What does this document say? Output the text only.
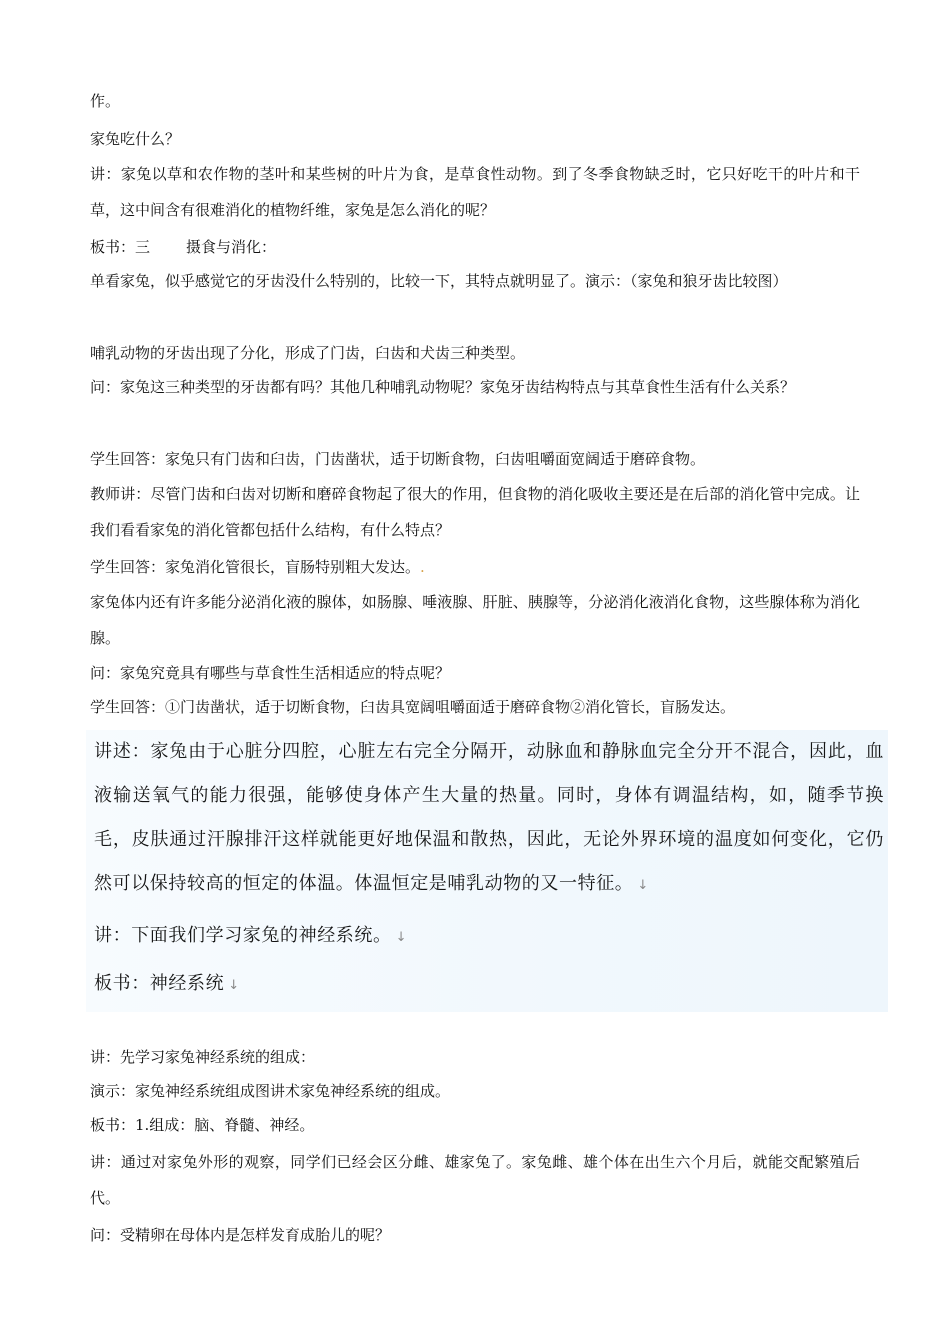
作。

家兔吃什么？

讲：家兔以草和农作物的茎叶和某些树的叶片为食，是草食性动物。到了冬季食物缺乏时，它只好吃干的叶片和干草，这中间含有很难消化的植物纤维，家兔是怎么消化的呢？

板书：三 摄食与消化：

单看家兔，似乎感觉它的牙齿没什么特别的，比较一下，其特点就明显了。演示：（家兔和狼牙齿比较图）

哺乳动物的牙齿出现了分化，形成了门齿，臼齿和犬齿三种类型。

问：家兔这三种类型的牙齿都有吗？其他几种哺乳动物呢？家兔牙齿结构特点与其草食性生活有什么关系？

学生回答：家兔只有门齿和臼齿，门齿凿状，适于切断食物，臼齿咀嚼面宽阔适于磨碎食物。

教师讲：尽管门齿和臼齿对切断和磨碎食物起了很大的作用，但食物的消化吸收主要还是在后部的消化管中完成。让我们看看家兔的消化管都包括什么结构，有什么特点？

学生回答：家兔消化管很长，盲肠特别粗大发达。.

家兔体内还有许多能分泌消化液的腺体，如肠腺、唾液腺、肝脏、胰腺等，分泌消化液消化食物，这些腺体称为消化腺。

问：家兔究竟具有哪些与草食性生活相适应的特点呢？

学生回答：①门齿凿状，适于切断食物，臼齿具宽阔咀嚼面适于磨碎食物②消化管长，盲肠发达。

讲述：家兔由于心脏分四腔，心脏左右完全分隔开，动脉血和静脉血完全分开不混合，因此，血液输送氧气的能力很强，能够使身体产生大量的热量。同时，身体有调温结构，如，随季节换毛，皮肤通过汗腺排汗这样就能更好地保温和散热，因此，无论外界环境的温度如何变化，它仍然可以保持较高的恒定的体温。体温恒定是哺乳动物的又一特征。 ↓

讲：下面我们学习家兔的神经系统。 ↓

板书：神经系统 ↓

讲：先学习家兔神经系统的组成：

演示：家兔神经系统组成图讲术家兔神经系统的组成。

板书：1.组成：脑、脊髓、神经。

讲：通过对家兔外形的观察，同学们已经会区分雌、雄家兔了。家兔雌、雄个体在出生六个月后，就能交配繁殖后代。

问：受精卵在母体内是怎样发育成胎儿的呢？
